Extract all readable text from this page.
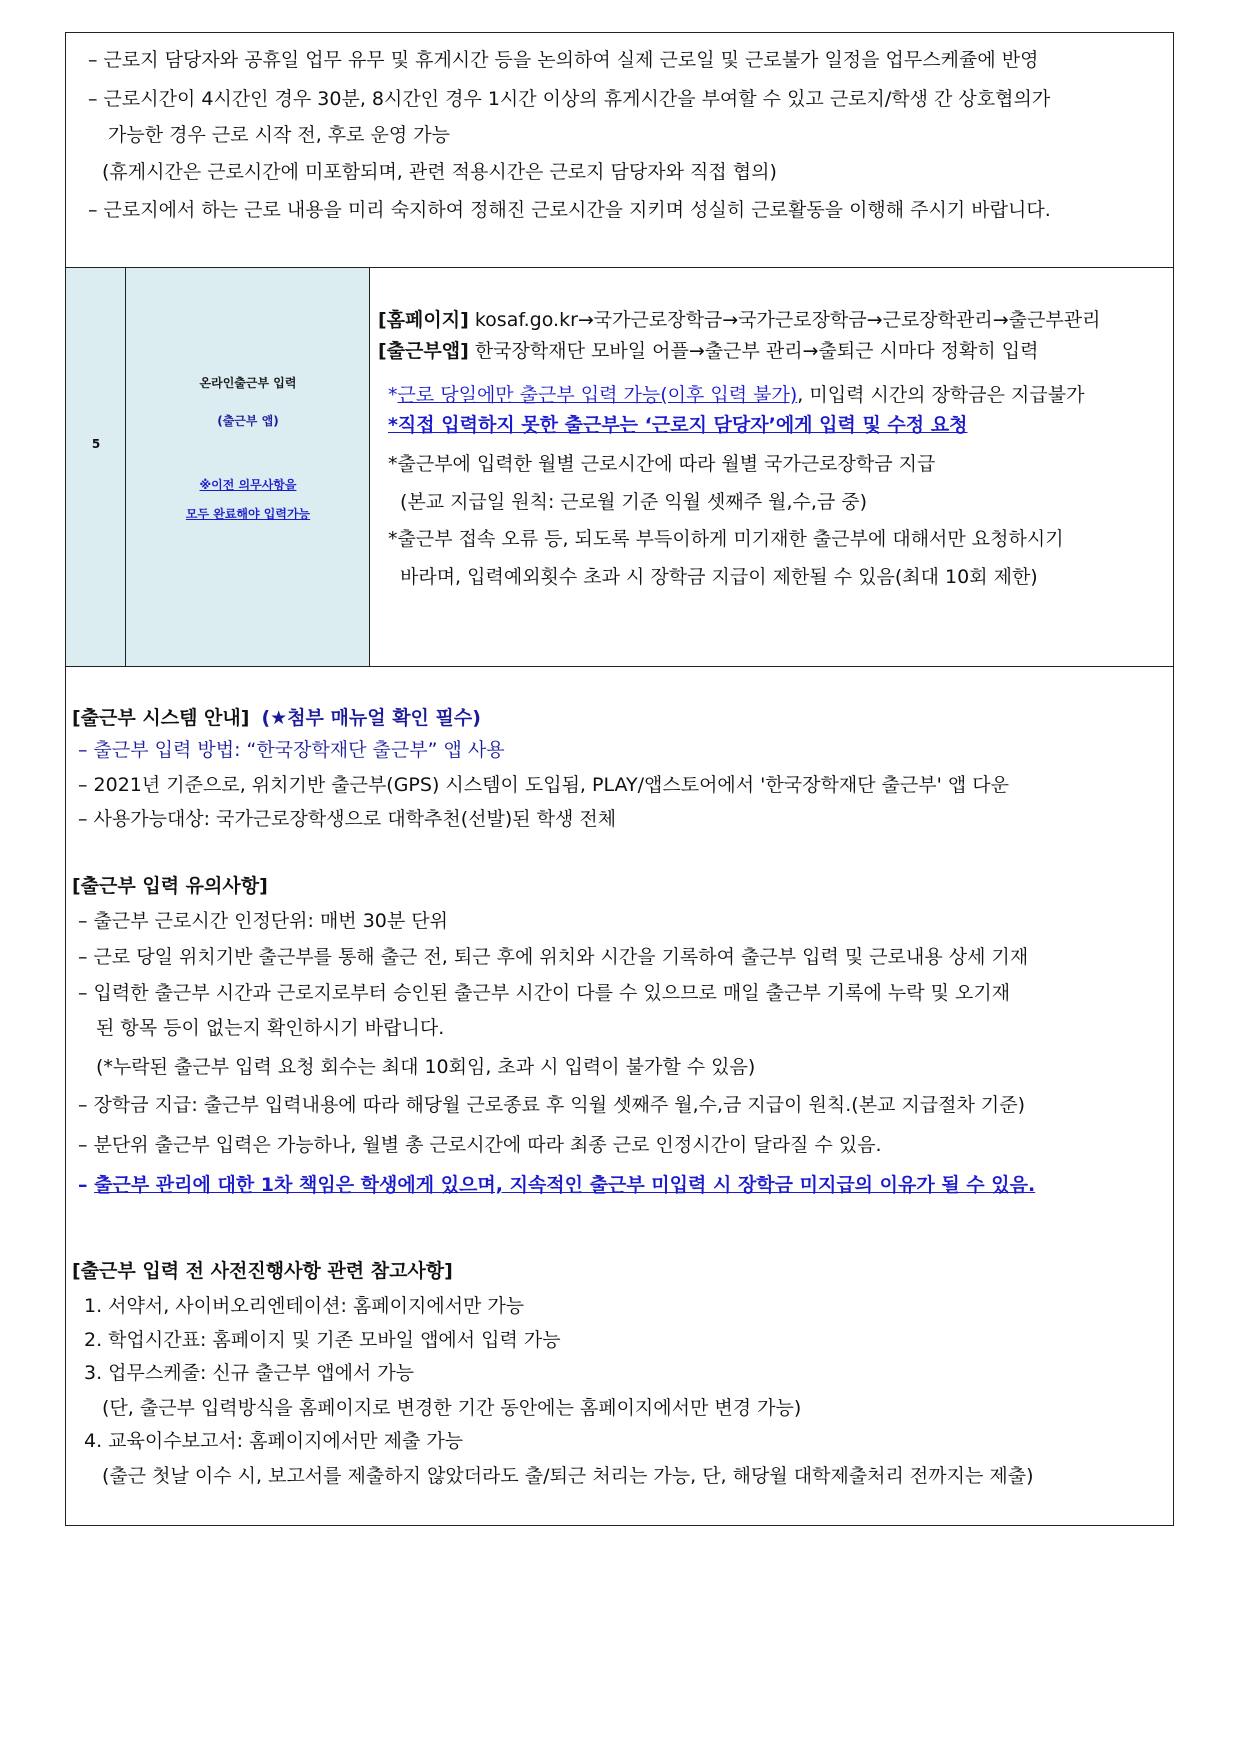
– 근로지 담당자와 공휴일 업무 유무 및 휴게시간 등을 논의하여 실제 근로일 및 근로불가 일정을 업무스케쥴에 반영
– 근로시간이 4시간인 경우 30분, 8시간인 경우 1시간 이상의 휴게시간을 부여할 수 있고 근로지/학생 간 상호협의가
가능한 경우 근로 시작 전, 후로 운영 가능
(휴게시간은 근로시간에 미포함되며, 관련 적용시간은 근로지 담당자와 직접 협의)
– 근로지에서 하는 근로 내용을 미리 숙지하여 정해진 근로시간을 지키며 성실히 근로활동을 이행해 주시기 바랍니다.
5
온라인출근부 입력
(출근부 앱)
※이전 의무사항을
모두 완료해야 입력가능
[홈페이지] kosaf.go.kr→국가근로장학금→국가근로장학금→근로장학관리→출근부관리
[출근부앱] 한국장학재단 모바일 어플→출근부 관리→출퇴근 시마다 정확히 입력
*근로 당일에만 출근부 입력 가능(이후 입력 불가), 미입력 시간의 장학금은 지급불가
*직접 입력하지 못한 출근부는 ‘근로지 담당자’에게 입력 및 수정 요청
*출근부에 입력한 월별 근로시간에 따라 월별 국가근로장학금 지급
(본교 지급일 원칙: 근로월 기준 익월 셋째주 월,수,금 중)
*출근부 접속 오류 등, 되도록 부득이하게 미기재한 출근부에 대해서만 요청하시기
바라며, 입력예외횟수 초과 시 장학금 지급이 제한될 수 있음(최대 10회 제한)
[출근부 시스템 안내] (★첨부 매뉴얼 확인 필수)
– 출근부 입력 방법: “한국장학재단 출근부” 앱 사용
– 2021년 기준으로, 위치기반 출근부(GPS) 시스템이 도입됨, PLAY/앱스토어에서 '한국장학재단 출근부' 앱 다운
– 사용가능대상: 국가근로장학생으로 대학추천(선발)된 학생 전체
[출근부 입력 유의사항]
– 출근부 근로시간 인정단위: 매번 30분 단위
– 근로 당일 위치기반 출근부를 통해 출근 전, 퇴근 후에 위치와 시간을 기록하여 출근부 입력 및 근로내용 상세 기재
– 입력한 출근부 시간과 근로지로부터 승인된 출근부 시간이 다를 수 있으므로 매일 출근부 기록에 누락 및 오기재
된 항목 등이 없는지 확인하시기 바랍니다.
(*누락된 출근부 입력 요청 회수는 최대 10회임, 초과 시 입력이 불가할 수 있음)
– 장학금 지급: 출근부 입력내용에 따라 해당월 근로종료 후 익월 셋째주 월,수,금 지급이 원칙.(본교 지급절차 기준)
– 분단위 출근부 입력은 가능하나, 월별 총 근로시간에 따라 최종 근로 인정시간이 달라질 수 있음.
– 출근부 관리에 대한 1차 책임은 학생에게 있으며, 지속적인 출근부 미입력 시 장학금 미지급의 이유가 될 수 있음.
[출근부 입력 전 사전진행사항 관련 참고사항]
1. 서약서, 사이버오리엔테이션: 홈페이지에서만 가능
2. 학업시간표: 홈페이지 및 기존 모바일 앱에서 입력 가능
3. 업무스케줄: 신규 출근부 앱에서 가능
(단, 출근부 입력방식을 홈페이지로 변경한 기간 동안에는 홈페이지에서만 변경 가능)
4. 교육이수보고서: 홈페이지에서만 제출 가능
(출근 첫날 이수 시, 보고서를 제출하지 않았더라도 출/퇴근 처리는 가능, 단, 해당월 대학제출처리 전까지는 제출)
